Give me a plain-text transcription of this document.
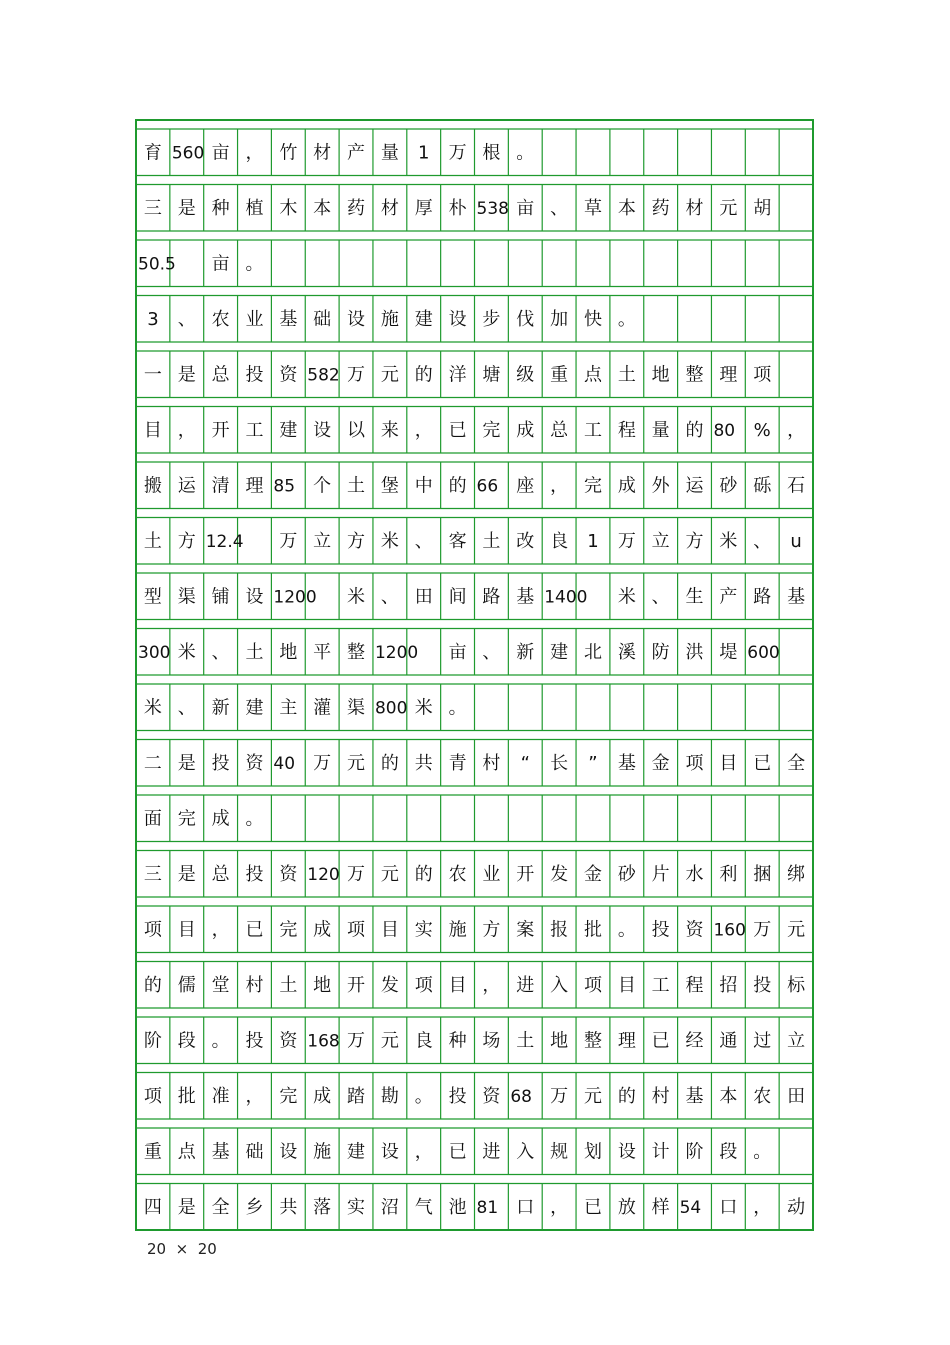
育 560 亩 ， 竹 材 产 量 1 万 根 。
三 是 种 植 木 本 药 材 厚 朴 538 亩 、 草 本 药 材 元 胡
50.5 亩 。
3 、 农 业 基 础 设 施 建 设 步 伐 加 快 。
一 是 总 投 资 582 万 元 的 洋 塘 级 重 点 土 地 整 理 项
目 ， 开 工 建 设 以 来 ， 已 完 成 总 工 程 量 的 80 % ，
搬 运 清 理 85 个 土 堡 中 的 66 座 ， 完 成 外 运 砂 砾 石
土 方 12.4 万 立 方 米 、 客 土 改 良 1 万 立 方 米 、 u
型 渠 铺 设 1200 米 、 田 间 路 基 1400 米 、 生 产 路 基
300 米 、 土 地 平 整 1200 亩 、 新 建 北 溪 防 洪 堤 600
米 、 新 建 主 灌 渠 800 米 。
二 是 投 资 40 万 元 的 共 青 村 “ 长 ” 基 金 项 目 已 全
面 完 成 。
三 是 总 投 资 120 万 元 的 农 业 开 发 金 砂 片 水 利 捆 绑
项 目 ， 已 完 成 项 目 实 施 方 案 报 批 。 投 资 160 万 元
的 儒 堂 村 土 地 开 发 项 目 ， 进 入 项 目 工 程 招 投 标
阶 段 。 投 资 168 万 元 良 种 场 土 地 整 理 已 经 通 过 立
项 批 准 ， 完 成 踏 勘 。 投 资 68 万 元 的 村 基 本 农 田
重 点 基 础 设 施 建 设 ， 已 进 入 规 划 设 计 阶 段 。
四 是 全 乡 共 落 实 沼 气 池 81 口 ， 已 放 样 54 口 ， 动
20  ×  20
